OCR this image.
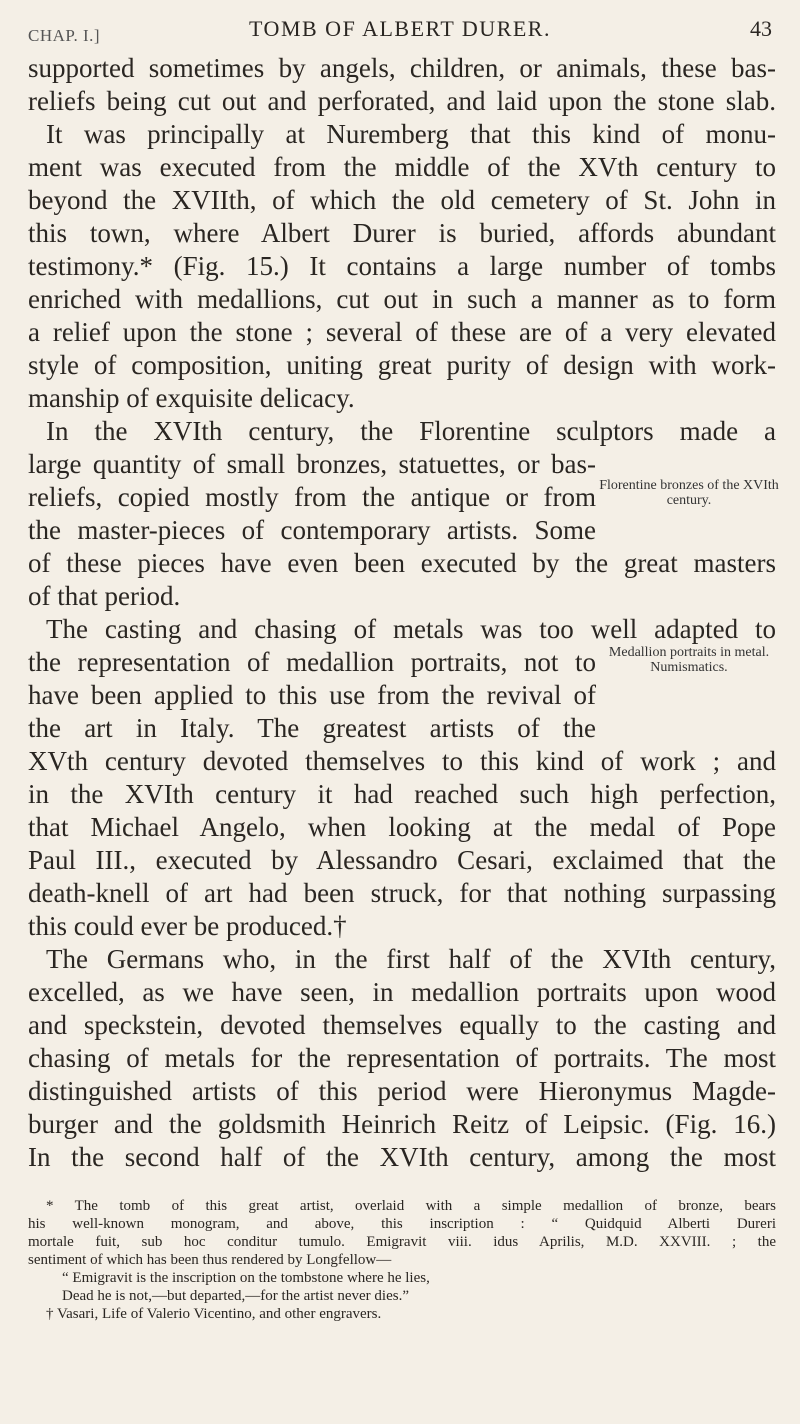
CHAP. I.]	TOMB OF ALBERT DURER.	43
supported sometimes by angels, children, or animals, these bas-
reliefs being cut out and perforated, and laid upon the stone slab.
It was principally at Nuremberg that this kind of monu-
ment was executed from the middle of the XVth century to
beyond the XVIIth, of which the old cemetery of St. John in
this town, where Albert Durer is buried, affords abundant
testimony.* (Fig. 15.) It contains a large number of tombs
enriched with medallions, cut out in such a manner as to form
a relief upon the stone ; several of these are of a very elevated
style of composition, uniting great purity of design with work-
manship of exquisite delicacy.
In the XVIth century, the Florentine sculptors made a
large quantity of small bronzes, statuettes, or bas-
reliefs, copied mostly from the antique or from
the master-pieces of contemporary artists. Some
of these pieces have even been executed by the great masters
of that period.
The casting and chasing of metals was too well adapted to
the representation of medallion portraits, not to
have been applied to this use from the revival of
the art in Italy. The greatest artists of the
XVth century devoted themselves to this kind of work ; and
in the XVIth century it had reached such high perfection,
that Michael Angelo, when looking at the medal of Pope
Paul III., executed by Alessandro Cesari, exclaimed that the
death-knell of art had been struck, for that nothing surpassing
this could ever be produced.†
The Germans who, in the first half of the XVIth century,
excelled, as we have seen, in medallion portraits upon wood
and speckstein, devoted themselves equally to the casting and
chasing of metals for the representation of portraits. The most
distinguished artists of this period were Hieronymus Magde-
burger and the goldsmith Heinrich Reitz of Leipsic. (Fig. 16.)
In the second half of the XVIth century, among the most
Florentine bronzes of the XVIth century.
Medallion portraits in metal. Numismatics.
* The tomb of this great artist, overlaid with a simple medallion of bronze, bears
his well-known monogram, and above, this inscription : “ Quidquid Alberti Dureri
mortale fuit, sub hoc conditur tumulo. Emigravit viii. idus Aprilis, M.D. XXVIII. ; the
sentiment of which has been thus rendered by Longfellow—
“ Emigravit is the inscription on the tombstone where he lies,
Dead he is not,—but departed,—for the artist never dies.”
† Vasari, Life of Valerio Vicentino, and other engravers.
